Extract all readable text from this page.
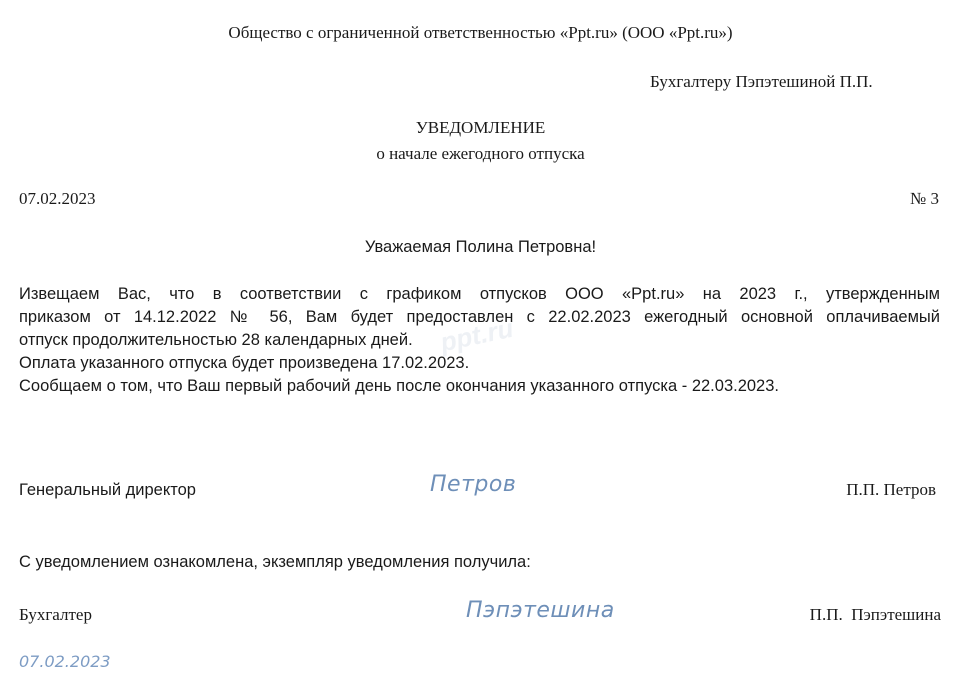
ppt.ru
Общество с ограниченной ответственностью «Ppt.ru» (ООО «Ppt.ru»)
Бухгалтеру Пэпэтешиной П.П.
УВЕДОМЛЕНИЕ
о начале ежегодного отпуска
07.02.2023	№ 3
Уважаемая Полина Петровна!
Извещаем Вас, что в соответствии с графиком отпусков ООО «Ppt.ru» на 2023 г., утвержденным
приказом от 14.12.2022 № 56, Вам будет предоставлен с 22.02.2023 ежегодный основной оплачиваемый
отпуск продолжительностью 28 календарных дней.
Оплата указанного отпуска будет произведена 17.02.2023.
Сообщаем о том, что Ваш первый рабочий день после окончания указанного отпуска - 22.03.2023.
Генеральный директор	Петров	П.П. Петров
С уведомлением ознакомлена, экземпляр уведомления получила:
Бухгалтер	Пэпэтешина	П.П.  Пэпэтешина
07.02.2023
